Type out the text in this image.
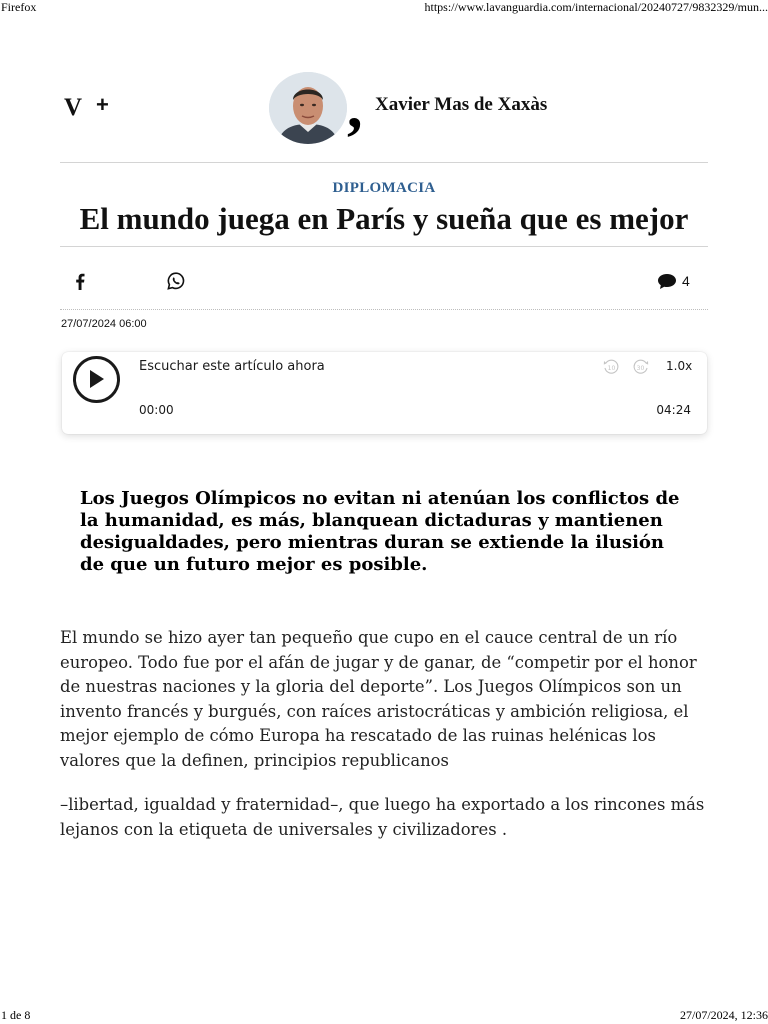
Firefox	https://www.lavanguardia.com/internacional/20240727/9832329/mun...
V +	, Xavier Mas de Xaxàs
DIPLOMACIA
El mundo juega en París y sueña que es mejor
4
27/07/2024 06:00
Escuchar este artículo ahora	10	30 1.0x
00:00	04:24

Los Juegos Olímpicos no evitan ni atenúan los conflictos de la humanidad, es más, blanquean dictaduras y mantienen desigualdades, pero mientras duran se extiende la ilusión de que un futuro mejor es posible.

El mundo se hizo ayer tan pequeño que cupo en el cauce central de un río europeo. Todo fue por el afán de jugar y de ganar, de “competir por el honor de nuestras naciones y la gloria del deporte”. Los Juegos Olímpicos son un invento francés y burgués, con raíces aristocráticas y ambición religiosa, el mejor ejemplo de cómo Europa ha rescatado de las ruinas helénicas los valores que la definen, principios republicanos

–libertad, igualdad y fraternidad–, que luego ha exportado a los rincones más lejanos con la etiqueta de universales y civilizadores .

1 de 8	27/07/2024, 12:36
